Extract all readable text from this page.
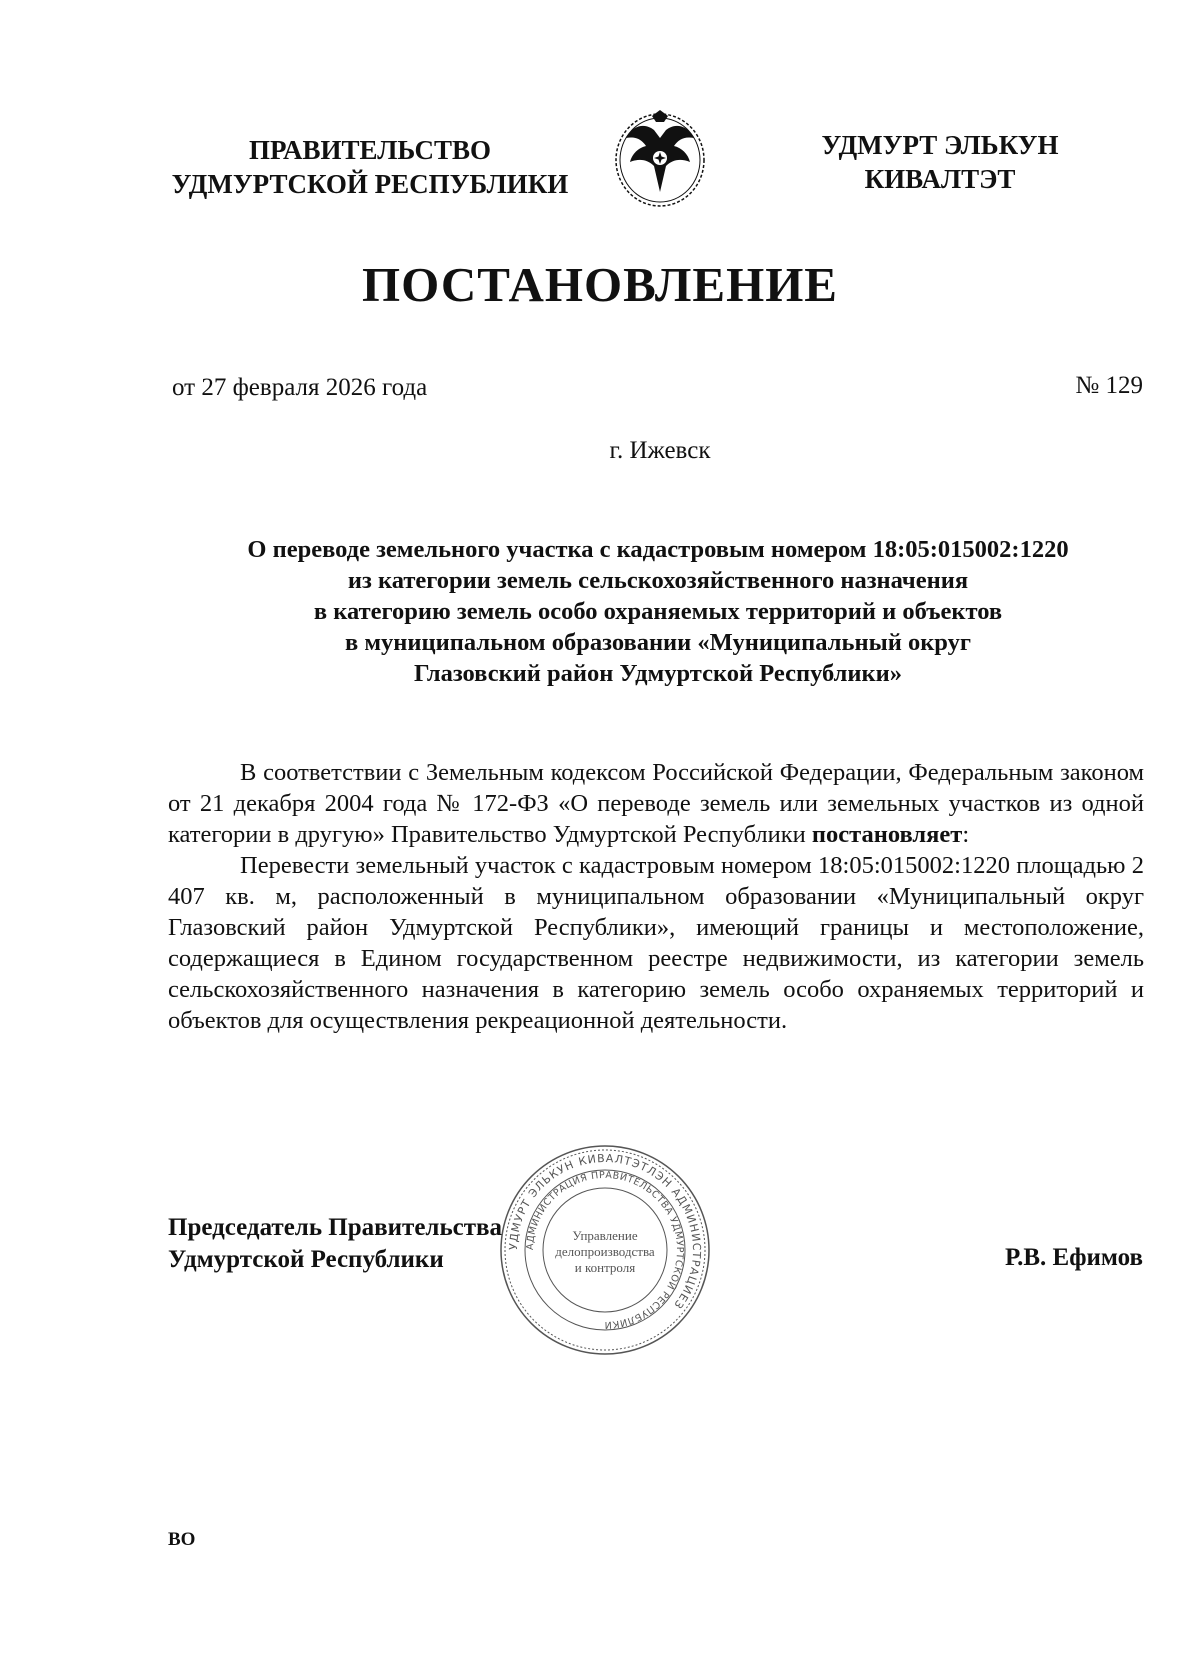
ПРАВИТЕЛЬСТВО
УДМУРТСКОЙ РЕСПУБЛИКИ
УДМУРТ ЭЛЬКУН
КИВАЛТЭТ
ПОСТАНОВЛЕНИЕ
от 27 февраля 2026 года	№ 129
г. Ижевск
О переводе земельного участка с кадастровым номером 18:05:015002:1220
из категории земель сельскохозяйственного назначения
в категорию земель особо охраняемых территорий и объектов
в муниципальном образовании «Муниципальный округ
Глазовский район Удмуртской Республики»

В соответствии с Земельным кодексом Российской Федерации, Федеральным законом от 21 декабря 2004 года № 172-ФЗ «О переводе земель или земельных участков из одной категории в другую» Правительство Удмуртской Республики постановляет:

Перевести земельный участок с кадастровым номером 18:05:015002:1220 площадью 2 407 кв. м, расположенный в муниципальном образовании «Муниципальный округ Глазовский район Удмуртской Республики», имеющий границы и местоположение, содержащиеся в Едином государственном реестре недвижимости, из категории земель сельскохозяйственного назначения в категорию земель особо охраняемых территорий и объектов для осуществления рекреационной деятельности.

Председатель Правительства
Удмуртской Республики	УДМУРТ ЭЛЬКУН КИВАЛТЭТЛЭН АДМИНИСТРАЦИЕЗ
АДМИНИСТРАЦИЯ ПРАВИТЕЛЬСТВА УДМУРТСКОЙ РЕСПУБЛИКИ
Управление
делопроизводства
и контроля	Р.В. Ефимов
ВО
